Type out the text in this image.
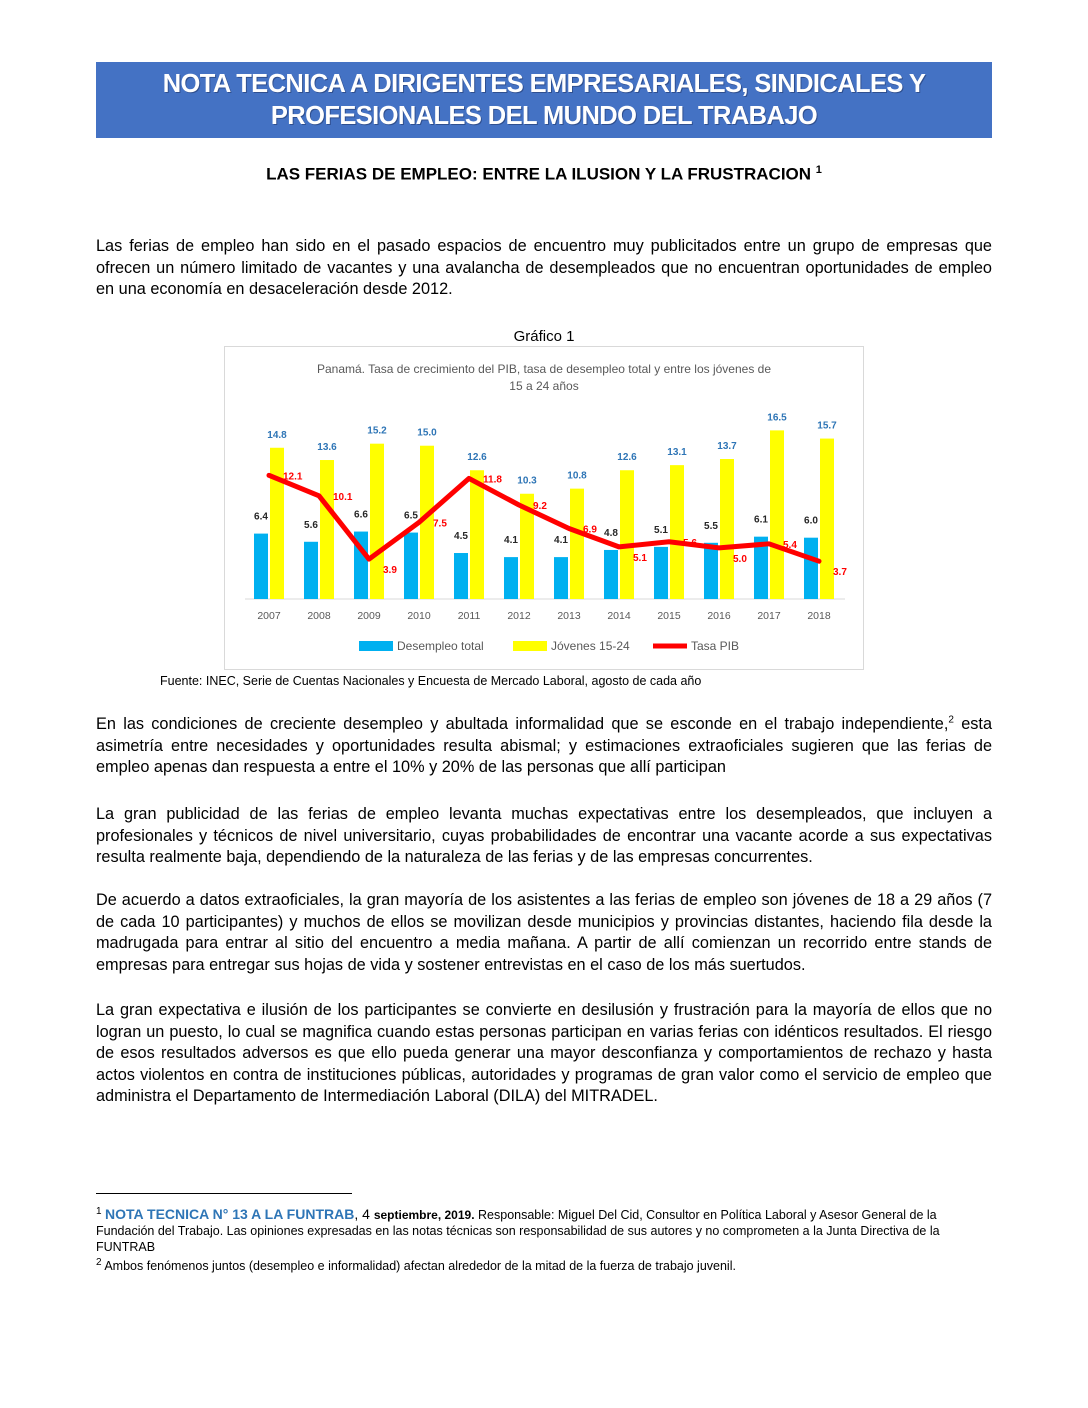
NOTA TECNICA A DIRIGENTES EMPRESARIALES, SINDICALES Y
PROFESIONALES DEL MUNDO DEL TRABAJO
LAS FERIAS DE EMPLEO: ENTRE LA ILUSION Y LA FRUSTRACION $^1$

Las ferias de empleo han sido en el pasado espacios de encuentro muy publicitados entre un grupo de empresas que ofrecen un número limitado de vacantes y una avalancha de desempleados que no encuentran oportunidades de empleo en una economía en desaceleración desde 2012.

Gráfico 1
Panamá. Tasa de crecimiento del PIB, tasa de desempleo total y entre los jóvenes de
15 a 24 años
6.4
14.8
2007
5.6
13.6
2008
6.6
15.2
2009
6.5
15.0
2010
4.5
12.6
2011
4.1
10.3
2012
4.1
10.8
2013
4.8
12.6
2014
5.1
13.1
2015
5.5
13.7
2016
6.1
16.5
2017
6.0
15.7
2018
12.1
10.1
3.9
7.5
11.8
9.2
6.9
5.1
5.6
5.0
5.4
3.7
Desempleo total	Jóvenes 15-24	Tasa PIB
Fuente: INEC, Serie de Cuentas Nacionales y Encuesta de Mercado Laboral, agosto de cada año

En las condiciones de creciente desempleo y abultada informalidad que se esconde en el trabajo independiente,$^2$ esta asimetría entre necesidades y oportunidades resulta abismal; y estimaciones extraoficiales sugieren que las ferias de empleo apenas dan respuesta a entre el 10% y 20% de las personas que allí participan

La gran publicidad de las ferias de empleo levanta muchas expectativas entre los desempleados, que incluyen a profesionales y técnicos de nivel universitario, cuyas probabilidades de encontrar una vacante acorde a sus expectativas resulta realmente baja, dependiendo de la naturaleza de las ferias y de las empresas concurrentes.

De acuerdo a datos extraoficiales, la gran mayoría de los asistentes a las ferias de empleo son jóvenes de 18 a 29 años (7 de cada 10 participantes) y muchos de ellos se movilizan desde municipios y provincias distantes, haciendo fila desde la madrugada para entrar al sitio del encuentro a media mañana. A partir de allí comienzan un recorrido entre stands de empresas para entregar sus hojas de vida y sostener entrevistas en el caso de los más suertudos.

La gran expectativa e ilusión de los participantes se convierte en desilusión y frustración para la mayoría de ellos que no logran un puesto, lo cual se magnifica cuando estas personas participan en varias ferias con idénticos resultados. El riesgo de esos resultados adversos es que ello pueda generar una mayor desconfianza y comportamientos de rechazo y hasta actos violentos en contra de instituciones públicas, autoridades y programas de gran valor como el servicio de empleo que administra el Departamento de Intermediación Laboral (DILA) del MITRADEL.

$^1$ NOTA TECNICA N° 13 A LA FUNTRAB, 4 septiembre, 2019. Responsable: Miguel Del Cid, Consultor en Política Laboral y Asesor General de la Fundación del Trabajo. Las opiniones expresadas en las notas técnicas son responsabilidad de sus autores y no comprometen a la Junta Directiva de la FUNTRAB

$^2$ Ambos fenómenos juntos (desempleo e informalidad) afectan alrededor de la mitad de la fuerza de trabajo juvenil.
